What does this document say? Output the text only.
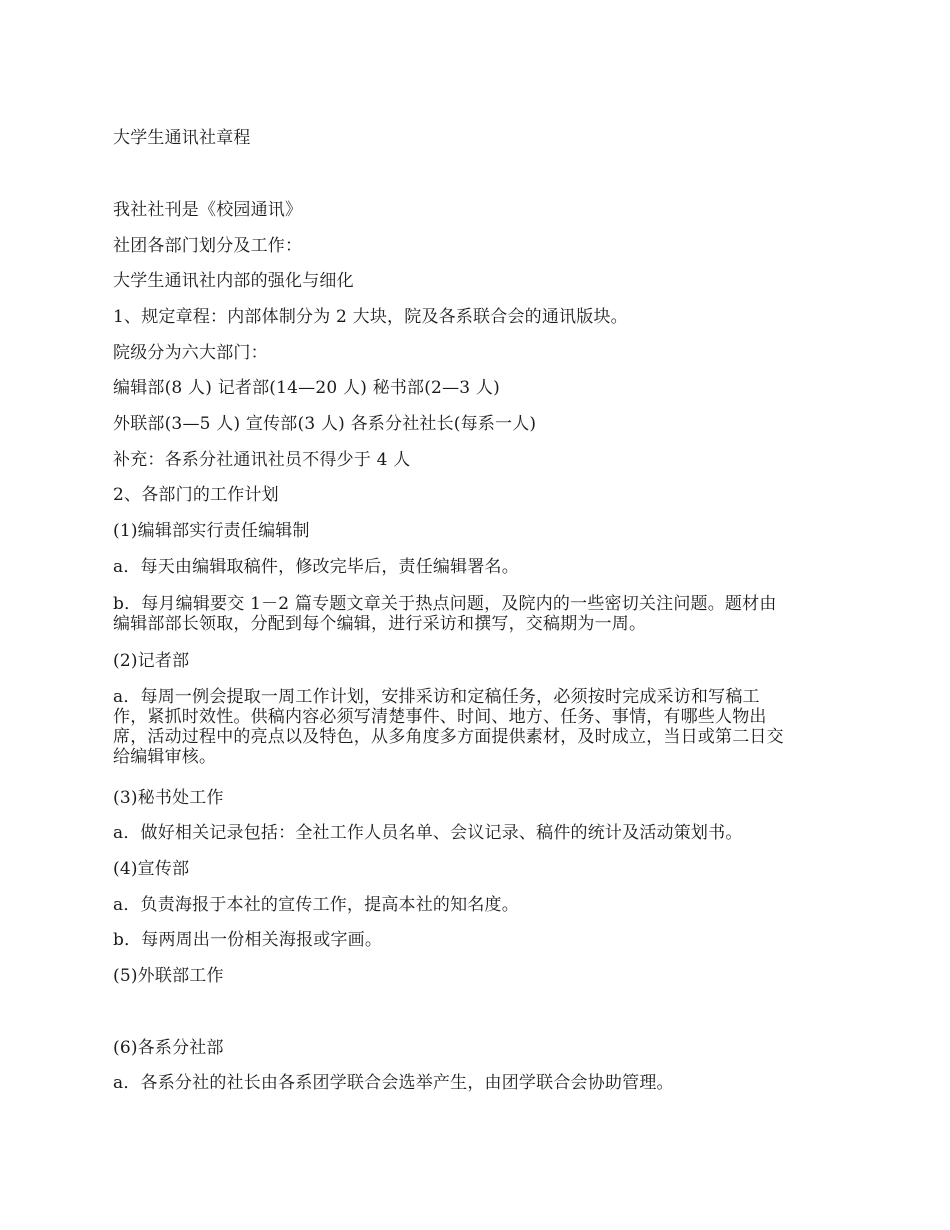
大学生通讯社章程
我社社刊是《校园通讯》
社团各部门划分及工作：
大学生通讯社内部的强化与细化
1、规定章程：内部体制分为 2 大块，院及各系联合会的通讯版块。
院级分为六大部门：
编辑部(8 人) 记者部(14—20 人) 秘书部(2—3 人)
外联部(3—5 人) 宣传部(3 人) 各系分社社长(每系一人)
补充：各系分社通讯社员不得少于 4 人
2、各部门的工作计划
(1)编辑部实行责任编辑制
a．每天由编辑取稿件，修改完毕后，责任编辑署名。
b．每月编辑要交 1－2 篇专题文章关于热点问题，及院内的一些密切关注问题。题材由
编辑部部长领取，分配到每个编辑，进行采访和撰写，交稿期为一周。
(2)记者部
a．每周一例会提取一周工作计划，安排采访和定稿任务，必须按时完成采访和写稿工
作，紧抓时效性。供稿内容必须写清楚事件、时间、地方、任务、事情，有哪些人物出
席，活动过程中的亮点以及特色，从多角度多方面提供素材，及时成立，当日或第二日交
给编辑审核。
(3)秘书处工作
a．做好相关记录包括：全社工作人员名单、会议记录、稿件的统计及活动策划书。
(4)宣传部
a．负责海报于本社的宣传工作，提高本社的知名度。
b．每两周出一份相关海报或字画。
(5)外联部工作
(6)各系分社部
a．各系分社的社长由各系团学联合会选举产生，由团学联合会协助管理。
